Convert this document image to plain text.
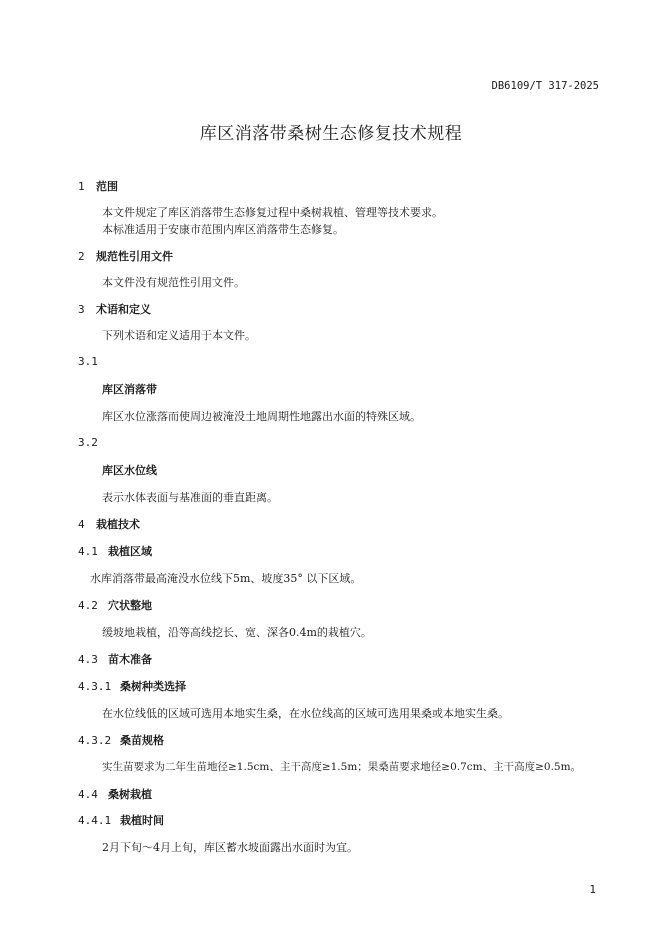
DB6109/T 317-2025
库区消落带桑树生态修复技术规程
1 范围
本文件规定了库区消落带生态修复过程中桑树栽植、管理等技术要求。
本标准适用于安康市范围内库区消落带生态修复。
2 规范性引用文件
本文件没有规范性引用文件。
3 术语和定义
下列术语和定义适用于本文件。
3.1
库区消落带
库区水位涨落而使周边被淹没土地周期性地露出水面的特殊区域。
3.2
库区水位线
表示水体表面与基准面的垂直距离。
4 栽植技术
4.1 栽植区域
水库消落带最高淹没水位线下5m、坡度35° 以下区域。
4.2 穴状整地
缓坡地栽植，沿等高线挖长、宽、深各0.4m的栽植穴。
4.3 苗木准备
4.3.1 桑树种类选择
在水位线低的区域可选用本地实生桑，在水位线高的区域可选用果桑或本地实生桑。
4.3.2 桑苗规格
实生苗要求为二年生苗地径≥1.5cm、主干高度≥1.5m；果桑苗要求地径≥0.7cm、主干高度≥0.5m。
4.4 桑树栽植
4.4.1 栽植时间
2月下旬～4月上旬，库区蓄水坡面露出水面时为宜。
1
